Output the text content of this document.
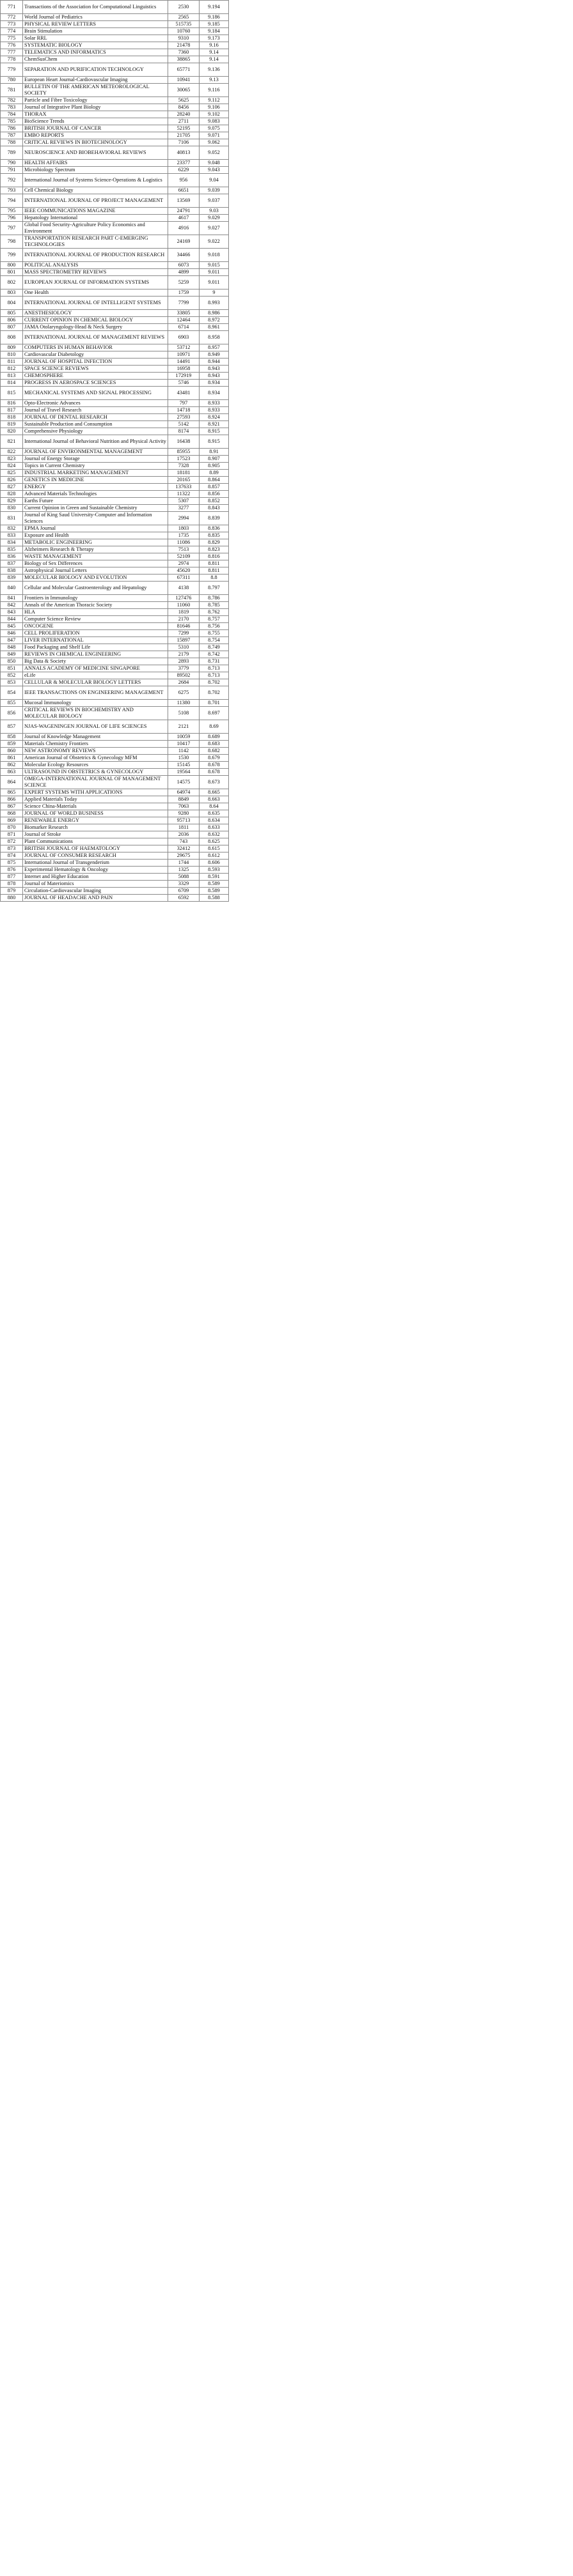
771	Transactions of the Association for Computational Linguistics	2530	9.194
772	World Journal of Pediatrics	2565	9.186
773	PHYSICAL REVIEW LETTERS	515735	9.185
774	Brain Stimulation	10760	9.184
775	Solar RRL	9310	9.173
776	SYSTEMATIC BIOLOGY	21478	9.16
777	TELEMATICS AND INFORMATICS	7360	9.14
778	ChemSusChem	38865	9.14
779	SEPARATION AND PURIFICATION TECHNOLOGY	65771	9.136
780	European Heart Journal-Cardiovascular Imaging	10941	9.13
781	BULLETIN OF THE AMERICAN METEOROLOGICAL SOCIETY	30065	9.116
782	Particle and Fibre Toxicology	5625	9.112
783	Journal of Integrative Plant Biology	8456	9.106
784	THORAX	28240	9.102
785	BioScience Trends	2711	9.083
786	BRITISH JOURNAL OF CANCER	52195	9.075
787	EMBO REPORTS	21705	9.071
788	CRITICAL REVIEWS IN BIOTECHNOLOGY	7106	9.062
789	NEUROSCIENCE AND BIOBEHAVIORAL REVIEWS	40813	9.052
790	HEALTH AFFAIRS	23377	9.048
791	Microbiology Spectrum	6229	9.043
792	International Journal of Systems Science-Operations & Logistics	956	9.04
793	Cell Chemical Biology	6651	9.039
794	INTERNATIONAL JOURNAL OF PROJECT MANAGEMENT	13569	9.037
795	IEEE COMMUNICATIONS MAGAZINE	24791	9.03
796	Hepatology International	4617	9.029
797	Global Food Security-Agriculture Policy Economics and Environment	4916	9.027
798	TRANSPORTATION RESEARCH PART C-EMERGING TECHNOLOGIES	24169	9.022
799	INTERNATIONAL JOURNAL OF PRODUCTION RESEARCH	34466	9.018
800	POLITICAL ANALYSIS	6073	9.015
801	MASS SPECTROMETRY REVIEWS	4899	9.011
802	EUROPEAN JOURNAL OF INFORMATION SYSTEMS	5259	9.011
803	One Health	1759	9
804	INTERNATIONAL JOURNAL OF INTELLIGENT SYSTEMS	7799	8.993
805	ANESTHESIOLOGY	33805	8.986
806	CURRENT OPINION IN CHEMICAL BIOLOGY	12464	8.972
807	JAMA Otolaryngology-Head & Neck Surgery	6714	8.961
808	INTERNATIONAL JOURNAL OF MANAGEMENT REVIEWS	6903	8.958
809	COMPUTERS IN HUMAN BEHAVIOR	53712	8.957
810	Cardiovascular Diabetology	10971	8.949
811	JOURNAL OF HOSPITAL INFECTION	14491	8.944
812	SPACE SCIENCE REVIEWS	16958	8.943
813	CHEMOSPHERE	172919	8.943
814	PROGRESS IN AEROSPACE SCIENCES	5746	8.934
815	MECHANICAL SYSTEMS AND SIGNAL PROCESSING	43481	8.934
816	Opto-Electronic Advances	797	8.933
817	Journal of Travel Research	14718	8.933
818	JOURNAL OF DENTAL RESEARCH	27593	8.924
819	Sustainable Production and Consumption	5142	8.921
820	Comprehensive Physiology	8174	8.915
821	International Journal of Behavioral Nutrition and Physical Activity	16438	8.915
822	JOURNAL OF ENVIRONMENTAL MANAGEMENT	85955	8.91
823	Journal of Energy Storage	17523	8.907
824	Topics in Current Chemistry	7328	8.905
825	INDUSTRIAL MARKETING MANAGEMENT	18181	8.89
826	GENETICS IN MEDICINE	20165	8.864
827	ENERGY	137633	8.857
828	Advanced Materials Technologies	11322	8.856
829	Earths Future	5307	8.852
830	Current Opinion in Green and Sustainable Chemistry	3277	8.843
831	Journal of King Saud University-Computer and Information Sciences	2994	8.839
832	EPMA Journal	1803	8.836
833	Exposure and Health	1735	8.835
834	METABOLIC ENGINEERING	11086	8.829
835	Alzheimers Research & Therapy	7513	8.823
836	WASTE MANAGEMENT	52109	8.816
837	Biology of Sex Differences	2974	8.811
838	Astrophysical Journal Letters	45620	8.811
839	MOLECULAR BIOLOGY AND EVOLUTION	67311	8.8
840	Cellular and Molecular Gastroenterology and Hepatology	4138	8.797
841	Frontiers in Immunology	127476	8.786
842	Annals of the American Thoracic Society	11060	8.785
843	HLA	1819	8.762
844	Computer Science Review	2170	8.757
845	ONCOGENE	81646	8.756
846	CELL PROLIFERATION	7299	8.755
847	LIVER INTERNATIONAL	15897	8.754
848	Food Packaging and Shelf Life	5310	8.749
849	REVIEWS IN CHEMICAL ENGINEERING	2179	8.742
850	Big Data & Society	2893	8.731
851	ANNALS ACADEMY OF MEDICINE SINGAPORE	3779	8.713
852	eLife	89502	8.713
853	CELLULAR & MOLECULAR BIOLOGY LETTERS	2684	8.702
854	IEEE TRANSACTIONS ON ENGINEERING MANAGEMENT	6275	8.702
855	Mucosal Immunology	11380	8.701
856	CRITICAL REVIEWS IN BIOCHEMISTRY AND MOLECULAR BIOLOGY	5108	8.697
857	NJAS-WAGENINGEN JOURNAL OF LIFE SCIENCES	2121	8.69
858	Journal of Knowledge Management	10059	8.689
859	Materials Chemistry Frontiers	10417	8.683
860	NEW ASTRONOMY REVIEWS	1142	8.682
861	American Journal of Obstetrics & Gynecology MFM	1530	8.679
862	Molecular Ecology Resources	15145	8.678
863	ULTRASOUND IN OBSTETRICS & GYNECOLOGY	19564	8.678
864	OMEGA-INTERNATIONAL JOURNAL OF MANAGEMENT SCIENCE	14575	8.673
865	EXPERT SYSTEMS WITH APPLICATIONS	64974	8.665
866	Applied Materials Today	8849	8.663
867	Science China-Materials	7063	8.64
868	JOURNAL OF WORLD BUSINESS	9280	8.635
869	RENEWABLE ENERGY	95713	8.634
870	Biomarker Research	1811	8.633
871	Journal of Stroke	2036	8.632
872	Plant Communications	743	8.625
873	BRITISH JOURNAL OF HAEMATOLOGY	32412	8.615
874	JOURNAL OF CONSUMER RESEARCH	29675	8.612
875	International Journal of Transgenderism	1744	8.606
876	Experimental Hematology & Oncology	1325	8.593
877	Internet and Higher Education	5088	8.591
878	Journal of Materiomics	3329	8.589
879	Circulation-Cardiovascular Imaging	6709	8.589
880	JOURNAL OF HEADACHE AND PAIN	6592	8.588
